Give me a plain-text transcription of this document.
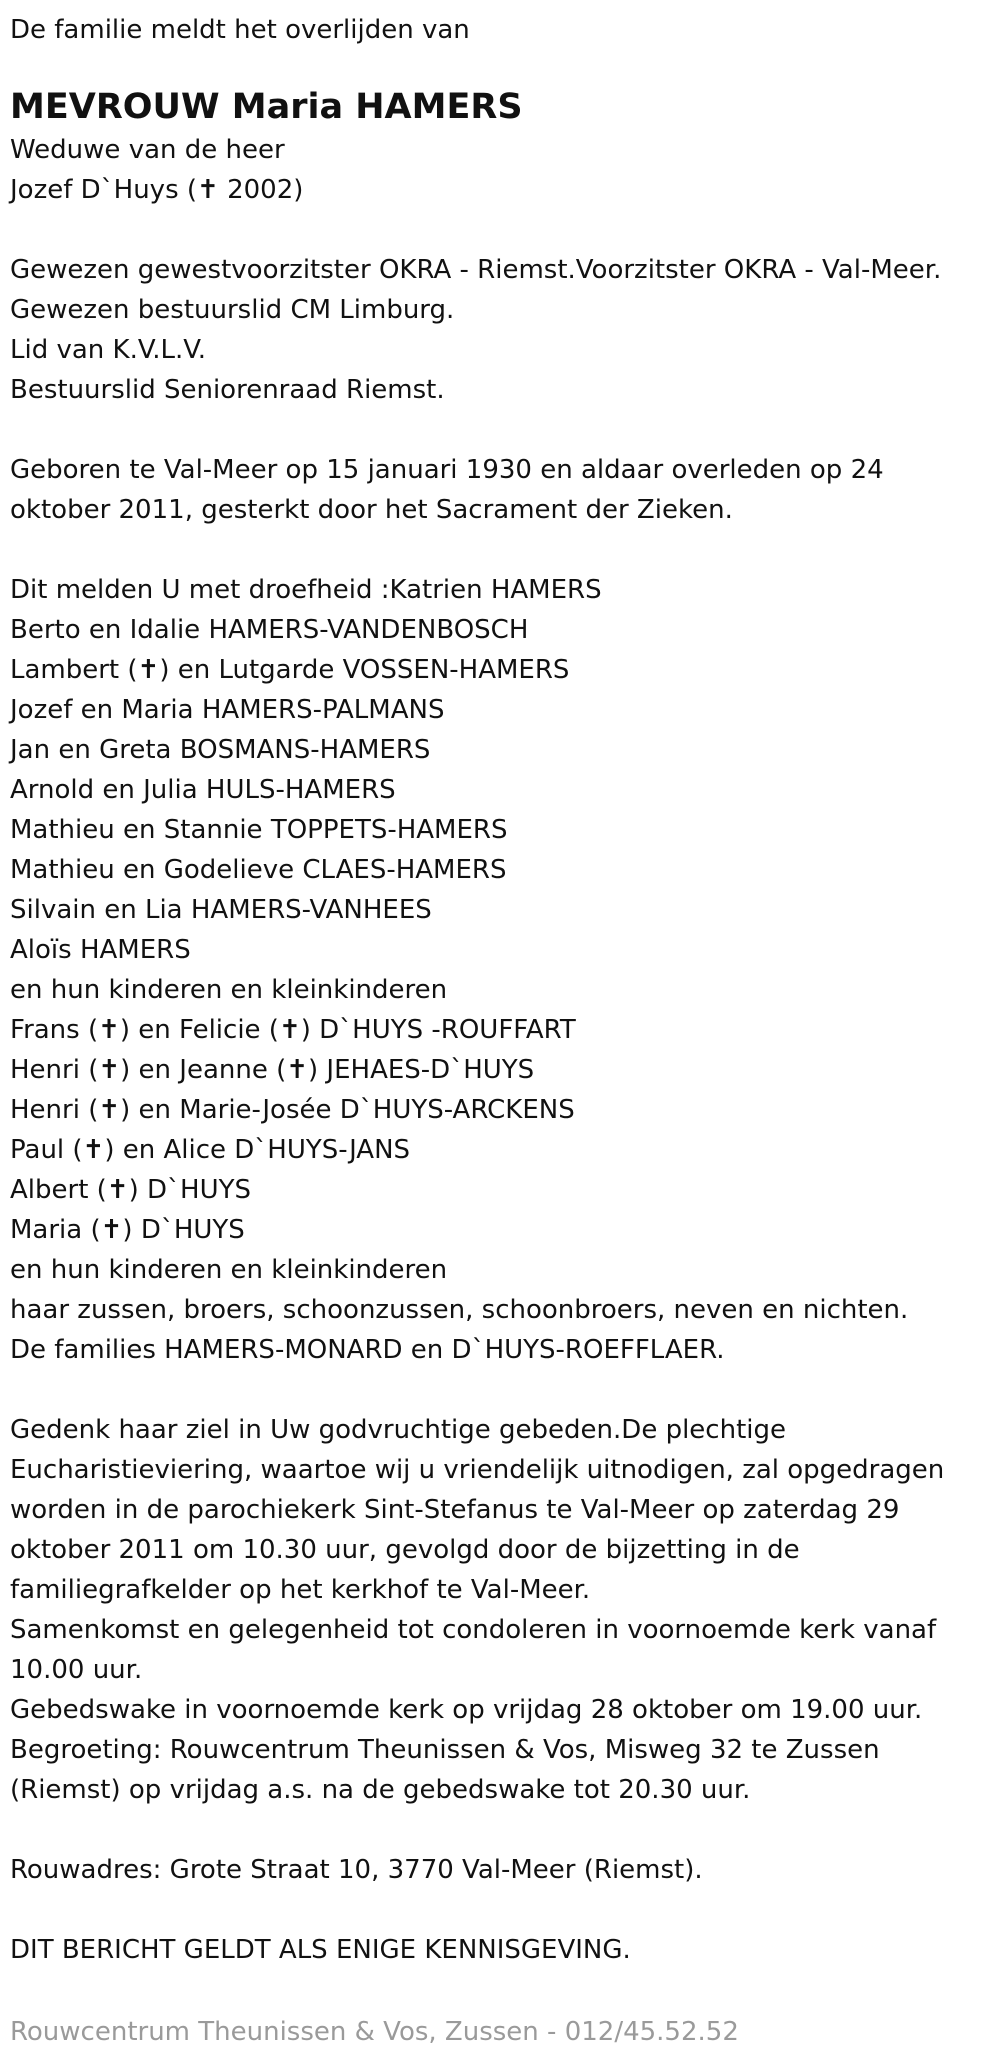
De familie meldt het overlijden van
MEVROUW Maria HAMERS
Weduwe van de heer
Jozef D`Huys (✝ 2002)
Gewezen gewestvoorzitster OKRA - Riemst.Voorzitster OKRA - Val-Meer.
Gewezen bestuurslid CM Limburg.
Lid van K.V.L.V.
Bestuurslid Seniorenraad Riemst.
Geboren te Val-Meer op 15 januari 1930 en aldaar overleden op 24
oktober 2011, gesterkt door het Sacrament der Zieken.
Dit melden U met droefheid :Katrien HAMERS
Berto en Idalie HAMERS-VANDENBOSCH
Lambert (✝) en Lutgarde VOSSEN-HAMERS
Jozef en Maria HAMERS-PALMANS
Jan en Greta BOSMANS-HAMERS
Arnold en Julia HULS-HAMERS
Mathieu en Stannie TOPPETS-HAMERS
Mathieu en Godelieve CLAES-HAMERS
Silvain en Lia HAMERS-VANHEES
Aloïs HAMERS
en hun kinderen en kleinkinderen
Frans (✝) en Felicie (✝) D`HUYS -ROUFFART
Henri (✝) en Jeanne (✝) JEHAES-D`HUYS
Henri (✝) en Marie-Josée D`HUYS-ARCKENS
Paul (✝) en Alice D`HUYS-JANS
Albert (✝) D`HUYS
Maria (✝) D`HUYS
en hun kinderen en kleinkinderen
haar zussen, broers, schoonzussen, schoonbroers, neven en nichten.
De families HAMERS-MONARD en D`HUYS-ROEFFLAER.
Gedenk haar ziel in Uw godvruchtige gebeden.De plechtige
Eucharistieviering, waartoe wij u vriendelijk uitnodigen, zal opgedragen
worden in de parochiekerk Sint-Stefanus te Val-Meer op zaterdag 29
oktober 2011 om 10.30 uur, gevolgd door de bijzetting in de
familiegrafkelder op het kerkhof te Val-Meer.
Samenkomst en gelegenheid tot condoleren in voornoemde kerk vanaf
10.00 uur.
Gebedswake in voornoemde kerk op vrijdag 28 oktober om 19.00 uur.
Begroeting: Rouwcentrum Theunissen & Vos, Misweg 32 te Zussen
(Riemst) op vrijdag a.s. na de gebedswake tot 20.30 uur.
Rouwadres: Grote Straat 10, 3770 Val-Meer (Riemst).
DIT BERICHT GELDT ALS ENIGE KENNISGEVING.
Rouwcentrum Theunissen & Vos, Zussen - 012/45.52.52
